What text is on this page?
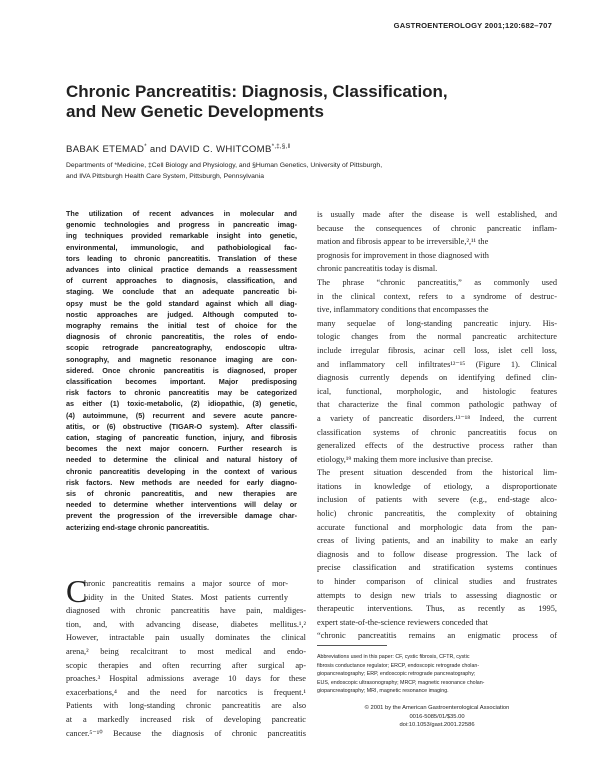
GASTROENTEROLOGY 2001;120:682–707
Chronic Pancreatitis: Diagnosis, Classification,
and New Genetic Developments
BABAK ETEMAD* and DAVID C. WHITCOMB*,‡,§,‖
Departments of *Medicine, ‡Cell Biology and Physiology, and §Human Genetics, University of Pittsburgh,
and ‖VA Pittsburgh Health Care System, Pittsburgh, Pennsylvania
The utilization of recent advances in molecular and
genomic technologies and progress in pancreatic imag-
ing techniques provided remarkable insight into genetic,
environmental, immunologic, and pathobiological fac-
tors leading to chronic pancreatitis. Translation of these
advances into clinical practice demands a reassessment
of current approaches to diagnosis, classification, and
staging. We conclude that an adequate pancreatic bi-
opsy must be the gold standard against which all diag-
nostic approaches are judged. Although computed to-
mography remains the initial test of choice for the
diagnosis of chronic pancreatitis, the roles of endo-
scopic retrograde pancreatography, endoscopic ultra-
sonography, and magnetic resonance imaging are con-
sidered. Once chronic pancreatitis is diagnosed, proper
classification becomes important. Major predisposing
risk factors to chronic pancreatitis may be categorized
as either (1) toxic-metabolic, (2) idiopathic, (3) genetic,
(4) autoimmune, (5) recurrent and severe acute pancre-
atitis, or (6) obstructive (TIGAR-O system). After classifi-
cation, staging of pancreatic function, injury, and fibrosis
becomes the next major concern. Further research is
needed to determine the clinical and natural history of
chronic pancreatitis developing in the context of various
risk factors. New methods are needed for early diagno-
sis of chronic pancreatitis, and new therapies are
needed to determine whether interventions will delay or
prevent the progression of the irreversible damage char-
acterizing end-stage chronic pancreatitis.
C
hronic pancreatitis remains a major source of mor-
bidity in the United States. Most patients currently
diagnosed with chronic pancreatitis have pain, maldiges-
tion, and, with advancing disease, diabetes mellitus.¹,²
However, intractable pain usually dominates the clinical
arena,² being recalcitrant to most medical and endo-
scopic therapies and often recurring after surgical ap-
proaches.³ Hospital admissions average 10 days for these
exacerbations,⁴ and the need for narcotics is frequent.¹
Patients with long-standing chronic pancreatitis are also
at a markedly increased risk of developing pancreatic
cancer.⁵⁻¹⁰ Because the diagnosis of chronic pancreatitis
is usually made after the disease is well established, and
because the consequences of chronic pancreatic inflam-
mation and fibrosis appear to be irreversible,²,¹¹ the
prognosis for improvement in those diagnosed with
chronic pancreatitis today is dismal.
The phrase “chronic pancreatitis,” as commonly used
in the clinical context, refers to a syndrome of destruc-
tive, inflammatory conditions that encompasses the
many sequelae of long-standing pancreatic injury. His-
tologic changes from the normal pancreatic architecture
include irregular fibrosis, acinar cell loss, islet cell loss,
and inflammatory cell infiltrates¹²⁻¹⁵ (Figure 1). Clinical
diagnosis currently depends on identifying defined clin-
ical, functional, morphologic, and histologic features
that characterize the final common pathologic pathway of
a variety of pancreatic disorders.¹³⁻¹⁸ Indeed, the current
classification systems of chronic pancreatitis focus on
generalized effects of the destructive process rather than
etiology,¹⁹ making them more inclusive than precise.
The present situation descended from the historical lim-
itations in knowledge of etiology, a disproportionate
inclusion of patients with severe (e.g., end-stage alco-
holic) chronic pancreatitis, the complexity of obtaining
accurate functional and morphologic data from the pan-
creas of living patients, and an inability to make an early
diagnosis and to follow disease progression. The lack of
precise classification and stratification systems continues
to hinder comparison of clinical studies and frustrates
attempts to design new trials to assessing diagnostic or
therapeutic interventions. Thus, as recently as 1995,
expert state-of-the-science reviewers conceded that
“chronic pancreatitis remains an enigmatic process of
Abbreviations used in this paper: CF, cystic fibrosis, CFTR, cystic
fibrosis conductance regulator; ERCP, endoscopic retrograde cholan-
giopancreatography; ERP, endoscopic retrograde pancreatography;
EUS, endoscopic ultrasonography; MRCP, magnetic resonance cholan-
giopancreatography; MRI, magnetic resonance imaging.
© 2001 by the American Gastroenterological Association
0016-5085/01/$35.00
doi:10.1053/gast.2001.22586
